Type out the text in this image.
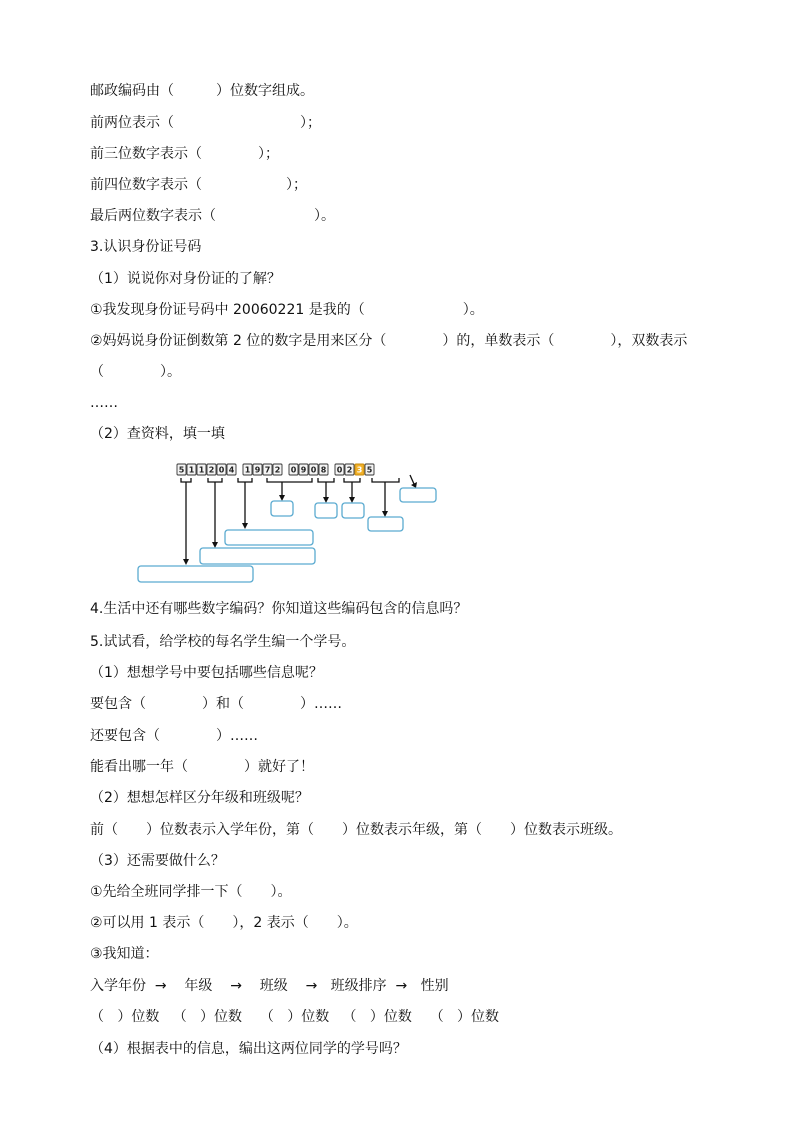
邮政编码由（　　　）位数字组成。
前两位表示（　　　　　　　　　）；
前三位数字表示（　　　　）；
前四位数字表示（　　　　　　）；
最后两位数字表示（　　　　　　　）。
3.认识身份证号码
（1）说说你对身份证的了解？
①我发现身份证号码中 20060221 是我的（　　　　　　　）。
②妈妈说身份证倒数第 2 位的数字是用来区分（　　　　）的，单数表示（　　　　），双数表示
（　　　　）。
……
（2）查资料，填一填
5 1 1 2 0 4 1 9 7 2 0 9 0 8 0 2 3 5
4.生活中还有哪些数字编码？你知道这些编码包含的信息吗？
5.试试看，给学校的每名学生编一个学号。
（1）想想学号中要包括哪些信息呢？
要包含（　　　　）和（　　　　）……
还要包含（　　　　）……
能看出哪一年（　　　　）就好了！
（2）想想怎样区分年级和班级呢？
前（　　）位数表示入学年份，第（　　）位数表示年级，第（　　）位数表示班级。
（3）还需要做什么？
①先给全班同学排一下（　　）。
②可以用 1 表示（　　），2 表示（　　）。
③我知道：
入学年份  →    年级    →    班级    →   班级排序  →   性别
（   ）位数   （   ）位数    （   ）位数   （   ）位数    （   ）位数
（4）根据表中的信息，编出这两位同学的学号吗？
